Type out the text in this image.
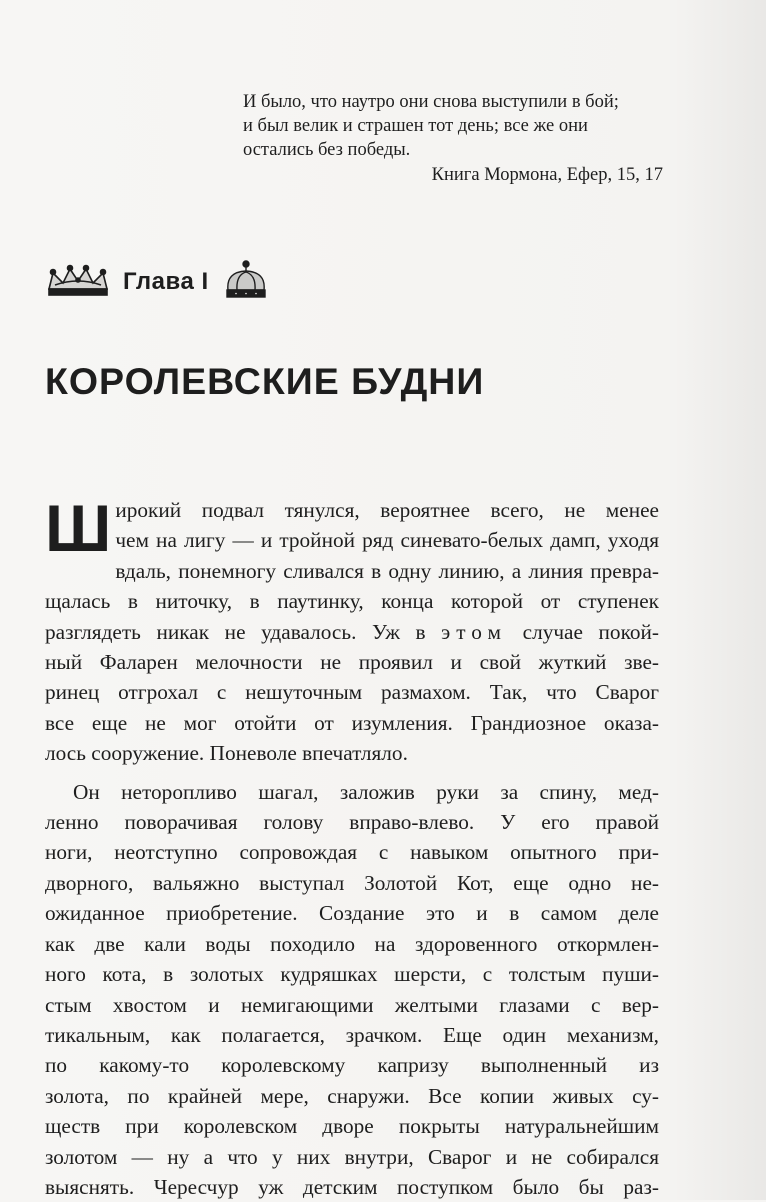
И было, что наутро они снова выступили в бой;
и был велик и страшен тот день; все же они
остались без победы.
Книга Мормона, Ефер, 15, 17
Глава I
КОРОЛЕВСКИЕ БУДНИ

Ш ирокий подвал тянулся, вероятнее всего, не менее
чем на лигу — и тройной ряд синевато-белых дамп, уходя
вдаль, понемногу сливался в одну линию, а линия превра-
щалась в ниточку, в паутинку, конца которой от ступенек
разглядеть никак не удавалось. Уж в этом случае покой-
ный Фаларен мелочности не проявил и свой жуткий зве-
ринец отгрохал с нешуточным размахом. Так, что Сварог
все еще не мог отойти от изумления. Грандиозное оказа-
лось сооружение. Поневоле впечатляло.

Он неторопливо шагал, заложив руки за спину, мед-
ленно поворачивая голову вправо-влево. У его правой
ноги, неотступно сопровождая с навыком опытного при-
дворного, вальяжно выступал Золотой Кот, еще одно не-
ожиданное приобретение. Создание это и в самом деле
как две кали воды походило на здоровенного откормлен-
ного кота, в золотых кудряшках шерсти, с толстым пуши-
стым хвостом и немигающими желтыми глазами с вер-
тикальным, как полагается, зрачком. Еще один механизм,
по какому-то королевскому капризу выполненный из
золота, по крайней мере, снаружи. Все копии живых су-
ществ при королевском дворе покрыты натуральнейшим
золотом — ну а что у них внутри, Сварог и не собирался
выяснять. Чересчур уж детским поступком было бы раз-
